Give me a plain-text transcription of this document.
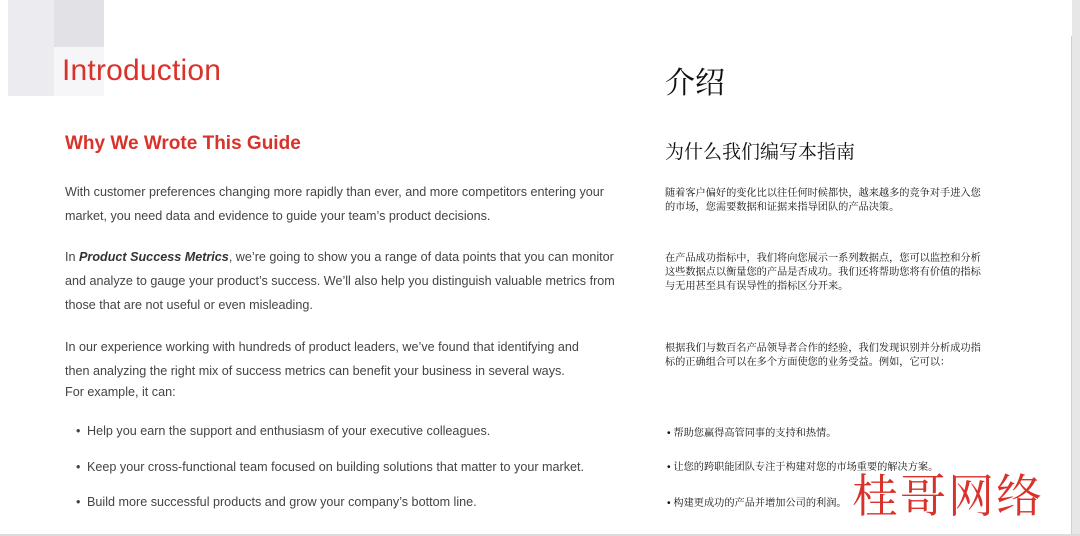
Introduction
Why We Wrote This Guide

With customer preferences changing more rapidly than ever, and more competitors entering your market, you need data and evidence to guide your team’s product decisions.

In Product Success Metrics, we’re going to show you a range of data points that you can monitor and analyze to gauge your product’s success. We’ll also help you distinguish valuable metrics from those that are not useful or even misleading.

In our experience working with hundreds of product leaders, we’ve found that identifying and
then analyzing the right mix of success metrics can benefit your business in several ways.
For example, it can:

• Help you earn the support and enthusiasm of your executive colleagues.

• Keep your cross-functional team focused on building solutions that matter to your market.

• Build more successful products and grow your company’s bottom line.

介绍
为什么我们编写本指南

随着客户偏好的变化比以往任何时候都快，越来越多的竞争对手进入您的市场，您需要数据和证据来指导团队的产品决策。

在产品成功指标中，我们将向您展示一系列数据点，您可以监控和分析这些数据点以衡量您的产品是否成功。我们还将帮助您将有价值的指标与无用甚至具有误导性的指标区分开来。

根据我们与数百名产品领导者合作的经验，我们发现识别并分析成功指标的正确组合可以在多个方面使您的业务受益。例如，它可以：

• 帮助您赢得高管同事的支持和热情。

• 让您的跨职能团队专注于构建对您的市场重要的解决方案。

• 构建更成功的产品并增加公司的利润。 桂哥网络
